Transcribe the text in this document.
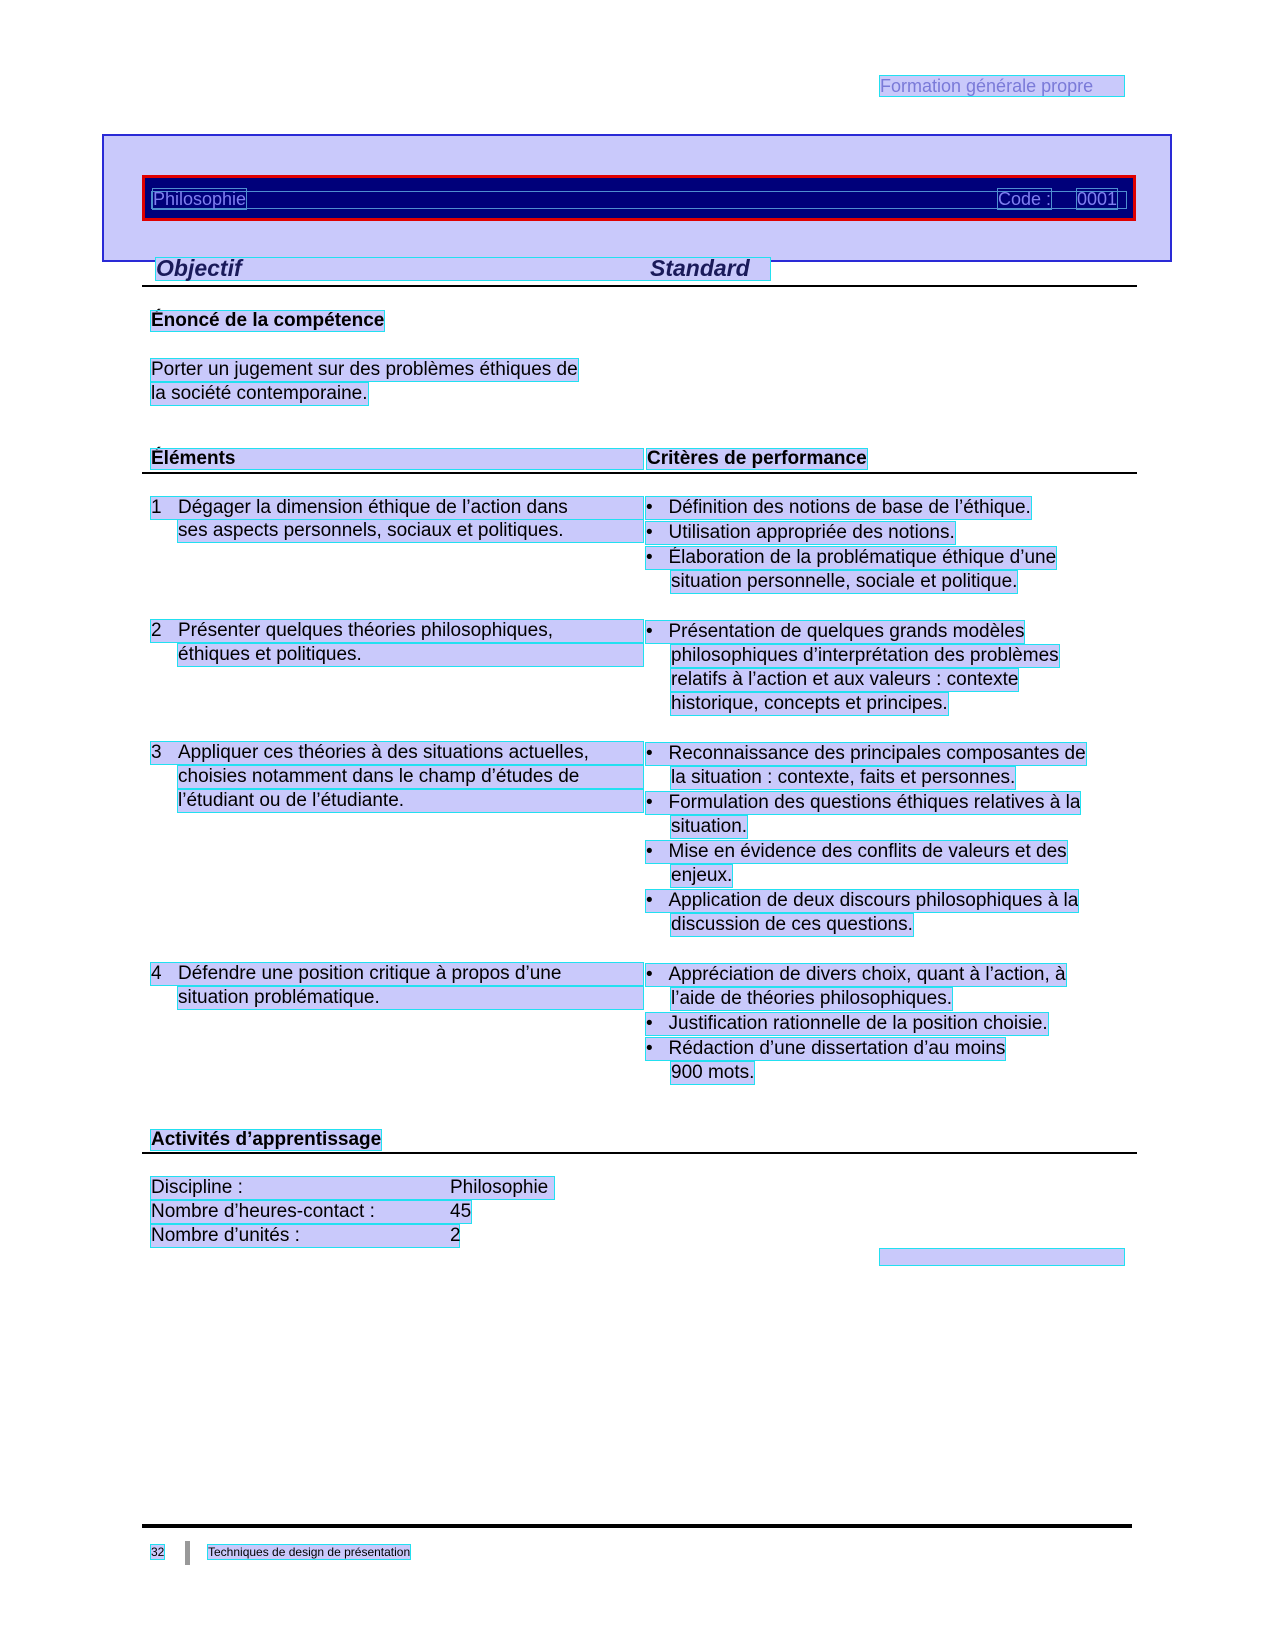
Formation générale propre
Philosophie	Code : 0001
Objectif	Standard
Énoncé de la compétence
Porter un jugement sur des problèmes éthiques de
la société contemporaine.
Éléments	Critères de performance
1 Dégager la dimension éthique de l’action dans
ses aspects personnels, sociaux et politiques.
• Définition des notions de base de l’éthique.
• Utilisation appropriée des notions.
• Élaboration de la problématique éthique d’une
situation personnelle, sociale et politique.
2 Présenter quelques théories philosophiques,
éthiques et politiques.
• Présentation de quelques grands modèles
philosophiques d’interprétation des problèmes
relatifs à l’action et aux valeurs : contexte
historique, concepts et principes.
3 Appliquer ces théories à des situations actuelles,
choisies notamment dans le champ d’études de
l’étudiant ou de l’étudiante.
• Reconnaissance des principales composantes de
la situation : contexte, faits et personnes.
• Formulation des questions éthiques relatives à la
situation.
• Mise en évidence des conflits de valeurs et des
enjeux.
• Application de deux discours philosophiques à la
discussion de ces questions.
4 Défendre une position critique à propos d’une
situation problématique.
• Appréciation de divers choix, quant à l’action, à
l’aide de théories philosophiques.
• Justification rationnelle de la position choisie.
• Rédaction d’une dissertation d’au moins
900 mots.
Activités d’apprentissage
Discipline :	Philosophie
Nombre d’heures-contact :	45
Nombre d’unités :	2
32	Techniques de design de présentation
